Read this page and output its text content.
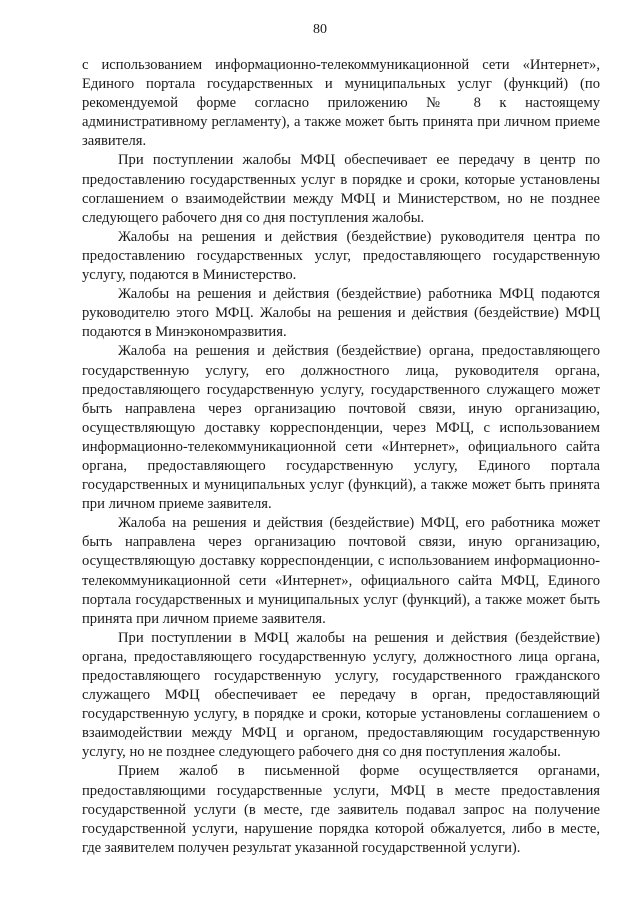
80

с использованием информационно-телекоммуникационной сети «Интернет», Единого портала государственных и муниципальных услуг (функций) (по рекомендуемой форме согласно приложению № 8 к настоящему административному регламенту), а также может быть принята при личном приеме заявителя.

При поступлении жалобы МФЦ обеспечивает ее передачу в центр по предоставлению государственных услуг в порядке и сроки, которые установлены соглашением о взаимодействии между МФЦ и Министерством, но не позднее следующего рабочего дня со дня поступления жалобы.

Жалобы на решения и действия (бездействие) руководителя центра по предоставлению государственных услуг, предоставляющего государственную услугу, подаются в Министерство.

Жалобы на решения и действия (бездействие) работника МФЦ подаются руководителю этого МФЦ. Жалобы на решения и действия (бездействие) МФЦ подаются в Минэкономразвития.

Жалоба на решения и действия (бездействие) органа, предоставляющего государственную услугу, его должностного лица, руководителя органа, предоставляющего государственную услугу, государственного служащего может быть направлена через организацию почтовой связи, иную организацию, осуществляющую доставку корреспонденции, через МФЦ, с использованием информационно-телекоммуникационной сети «Интернет», официального сайта органа, предоставляющего государственную услугу, Единого портала государственных и муниципальных услуг (функций), а также может быть принята при личном приеме заявителя.

Жалоба на решения и действия (бездействие) МФЦ, его работника может быть направлена через организацию почтовой связи, иную организацию, осуществляющую доставку корреспонденции, с использованием информационно-телекоммуникационной сети «Интернет», официального сайта МФЦ, Единого портала государственных и муниципальных услуг (функций), а также может быть принята при личном приеме заявителя.

При поступлении в МФЦ жалобы на решения и действия (бездействие) органа, предоставляющего государственную услугу, должностного лица органа, предоставляющего государственную услугу, государственного гражданского служащего МФЦ обеспечивает ее передачу в орган, предоставляющий государственную услугу, в порядке и сроки, которые установлены соглашением о взаимодействии между МФЦ и органом, предоставляющим государственную услугу, но не позднее следующего рабочего дня со дня поступления жалобы.

Прием жалоб в письменной форме осуществляется органами, предоставляющими государственные услуги, МФЦ в месте предоставления государственной услуги (в месте, где заявитель подавал запрос на получение государственной услуги, нарушение порядка которой обжалуется, либо в месте, где заявителем получен результат указанной государственной услуги).
